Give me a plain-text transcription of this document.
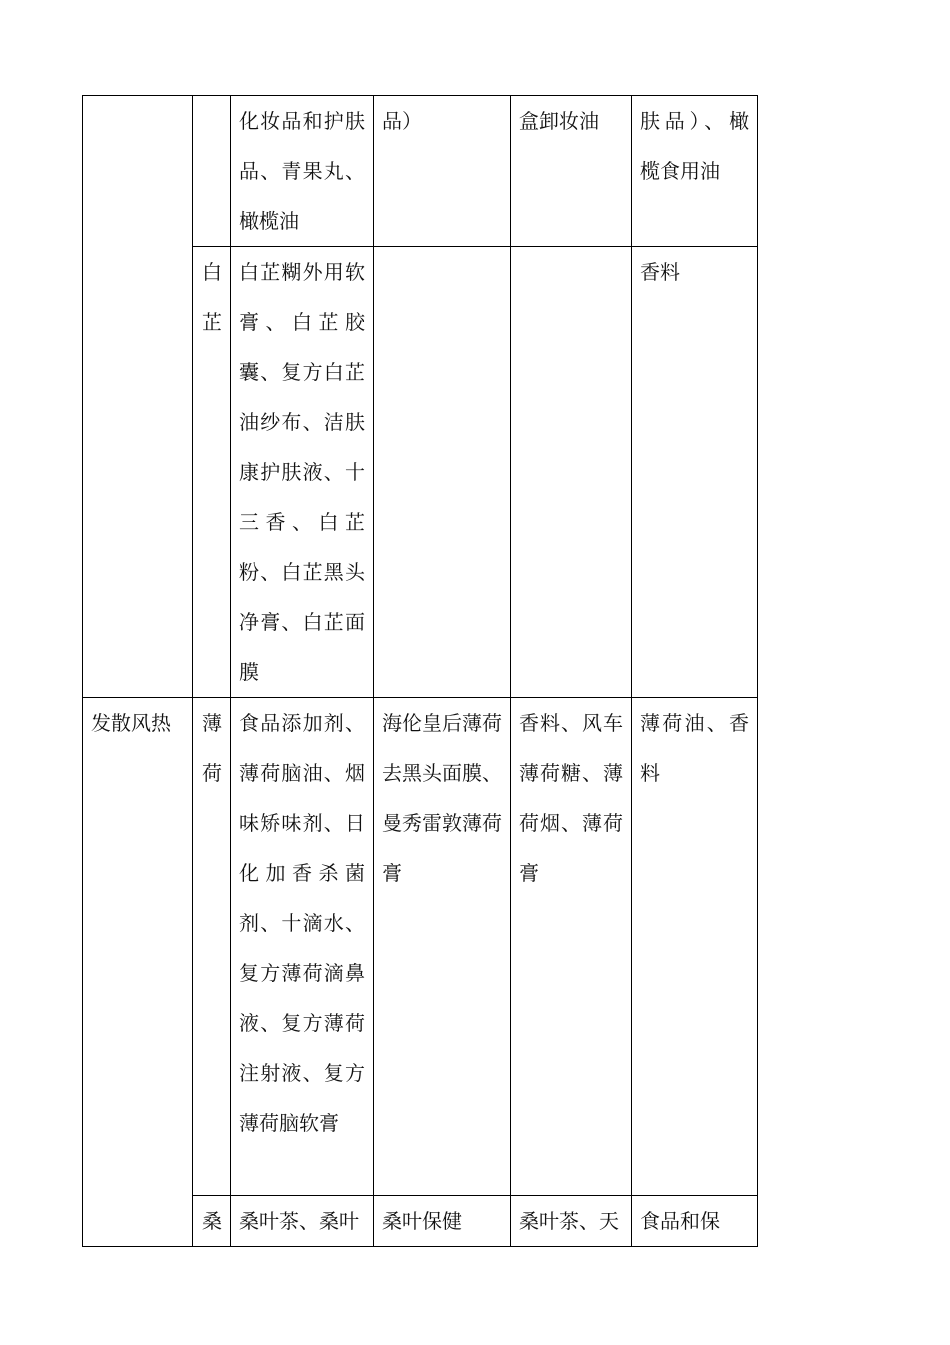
		化妆品和护肤品、青果丸、橄榄油	品）	盒卸妆油	肤品）、橄榄食用油

	白芷	白芷糊外用软膏、白芷胶囊、复方白芷油纱布、洁肤康护肤液、十三香、白芷粉、白芷黑头净膏、白芷面膜			香料

发散风热	薄荷	食品添加剂、薄荷脑油、烟味矫味剂、日化加香杀菌剂、十滴水、复方薄荷滴鼻液、复方薄荷注射液、复方薄荷脑软膏	海伦皇后薄荷去黑头面膜、曼秀雷敦薄荷膏	香料、风车薄荷糖、薄荷烟、薄荷膏	薄荷油、香料

	桑	桑叶茶、桑叶	桑叶保健	桑叶茶、天	食品和保
